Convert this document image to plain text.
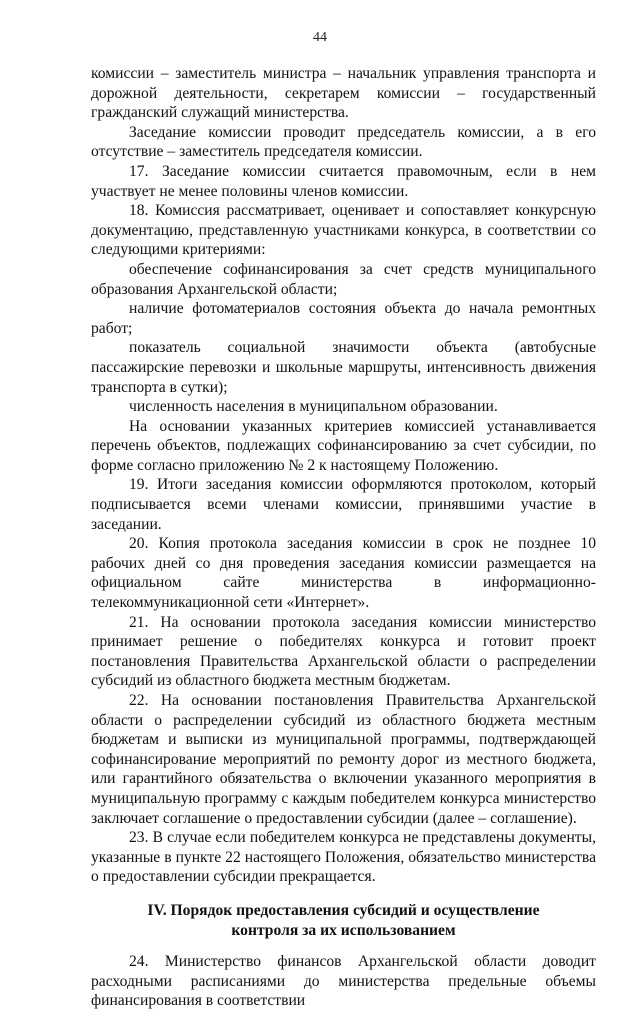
44

комиссии – заместитель министра – начальник управления транспорта и дорожной деятельности, секретарем комиссии – государственный гражданский служащий министерства.

Заседание комиссии проводит председатель комиссии, а в его отсутствие – заместитель председателя комиссии.

17. Заседание комиссии считается правомочным, если в нем участвует не менее половины членов комиссии.

18. Комиссия рассматривает, оценивает и сопоставляет конкурсную документацию, представленную участниками конкурса, в соответствии со следующими критериями:

обеспечение софинансирования за счет средств муниципального образования Архангельской области;

наличие фотоматериалов состояния объекта до начала ремонтных работ;

показатель социальной значимости объекта (автобусные пассажирские перевозки и школьные маршруты, интенсивность движения транспорта в сутки);

численность населения в муниципальном образовании.

На основании указанных критериев комиссией устанавливается перечень объектов, подлежащих софинансированию за счет субсидии, по форме согласно приложению № 2 к настоящему Положению.

19. Итоги заседания комиссии оформляются протоколом, который подписывается всеми членами комиссии, принявшими участие в заседании.

20. Копия протокола заседания комиссии в срок не позднее 10 рабочих дней со дня проведения заседания комиссии размещается на официальном сайте министерства в информационно-телекоммуникационной сети «Интернет».

21. На основании протокола заседания комиссии министерство принимает решение о победителях конкурса и готовит проект постановления Правительства Архангельской области о распределении субсидий из областного бюджета местным бюджетам.

22. На основании постановления Правительства Архангельской области о распределении субсидий из областного бюджета местным бюджетам и выписки из муниципальной программы, подтверждающей софинансирование мероприятий по ремонту дорог из местного бюджета, или гарантийного обязательства о включении указанного мероприятия в муниципальную программу с каждым победителем конкурса министерство заключает соглашение о предоставлении субсидии (далее – соглашение).

23. В случае если победителем конкурса не представлены документы, указанные в пункте 22 настоящего Положения, обязательство министерства о предоставлении субсидии прекращается.

IV. Порядок предоставления субсидий и осуществление
контроля за их использованием

24. Министерство финансов Архангельской области доводит расходными расписаниями до министерства предельные объемы финансирования в соответствии
